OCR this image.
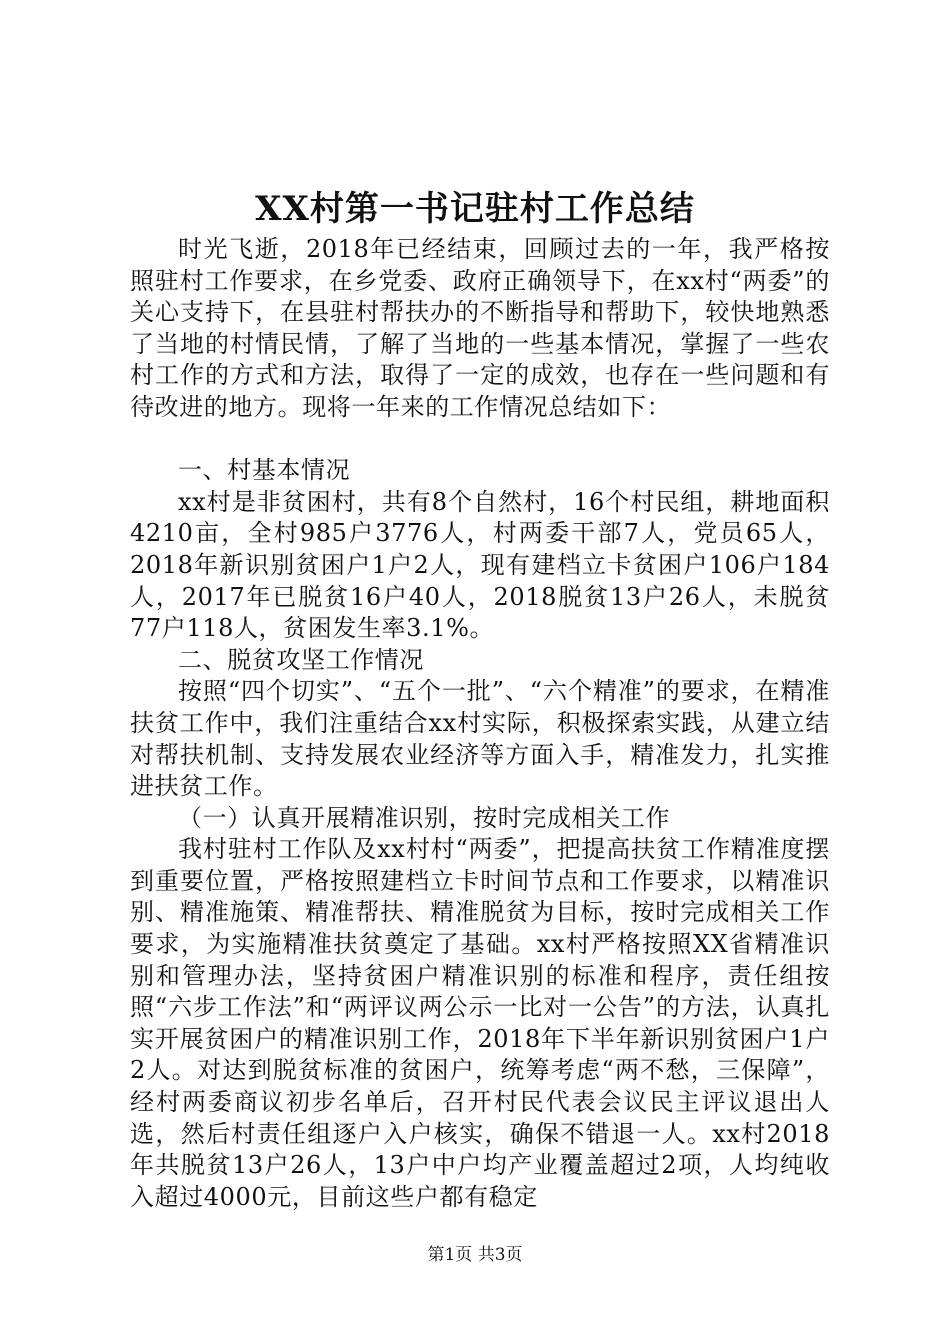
XX村第一书记驻村工作总结

时光飞逝，2018年已经结束，回顾过去的一年，我严格按照驻村工作要求，在乡党委、政府正确领导下，在xx村“两委”的关心支持下，在县驻村帮扶办的不断指导和帮助下，较快地熟悉了当地的村情民情，了解了当地的一些基本情况，掌握了一些农村工作的方式和方法，取得了一定的成效，也存在一些问题和有待改进的地方。现将一年来的工作情况总结如下：

一、村基本情况

xx村是非贫困村，共有8个自然村，16个村民组，耕地面积4210亩，全村985户3776人，村两委干部7人，党员65人，2018年新识别贫困户1户2人，现有建档立卡贫困户106户184人，2017年已脱贫16户40人，2018脱贫13户26人，未脱贫77户118人，贫困发生率3.1%。

二、脱贫攻坚工作情况

按照“四个切实”、“五个一批”、“六个精准”的要求，在精准扶贫工作中，我们注重结合xx村实际，积极探索实践，从建立结对帮扶机制、支持发展农业经济等方面入手，精准发力，扎实推进扶贫工作。

（一）认真开展精准识别，按时完成相关工作

我村驻村工作队及xx村村“两委”，把提高扶贫工作精准度摆到重要位置，严格按照建档立卡时间节点和工作要求，以精准识别、精准施策、精准帮扶、精准脱贫为目标，按时完成相关工作要求，为实施精准扶贫奠定了基础。xx村严格按照XX省精准识别和管理办法，坚持贫困户精准识别的标准和程序，责任组按照“六步工作法”和“两评议两公示一比对一公告”的方法，认真扎实开展贫困户的精准识别工作，2018年下半年新识别贫困户1户2人。对达到脱贫标准的贫困户，统筹考虑“两不愁，三保障”，经村两委商议初步名单后，召开村民代表会议民主评议退出人选，然后村责任组逐户入户核实，确保不错退一人。xx村2018年共脱贫13户26人，13户中户均产业覆盖超过2项，人均纯收入超过4000元，目前这些户都有稳定

第1页 共3页
